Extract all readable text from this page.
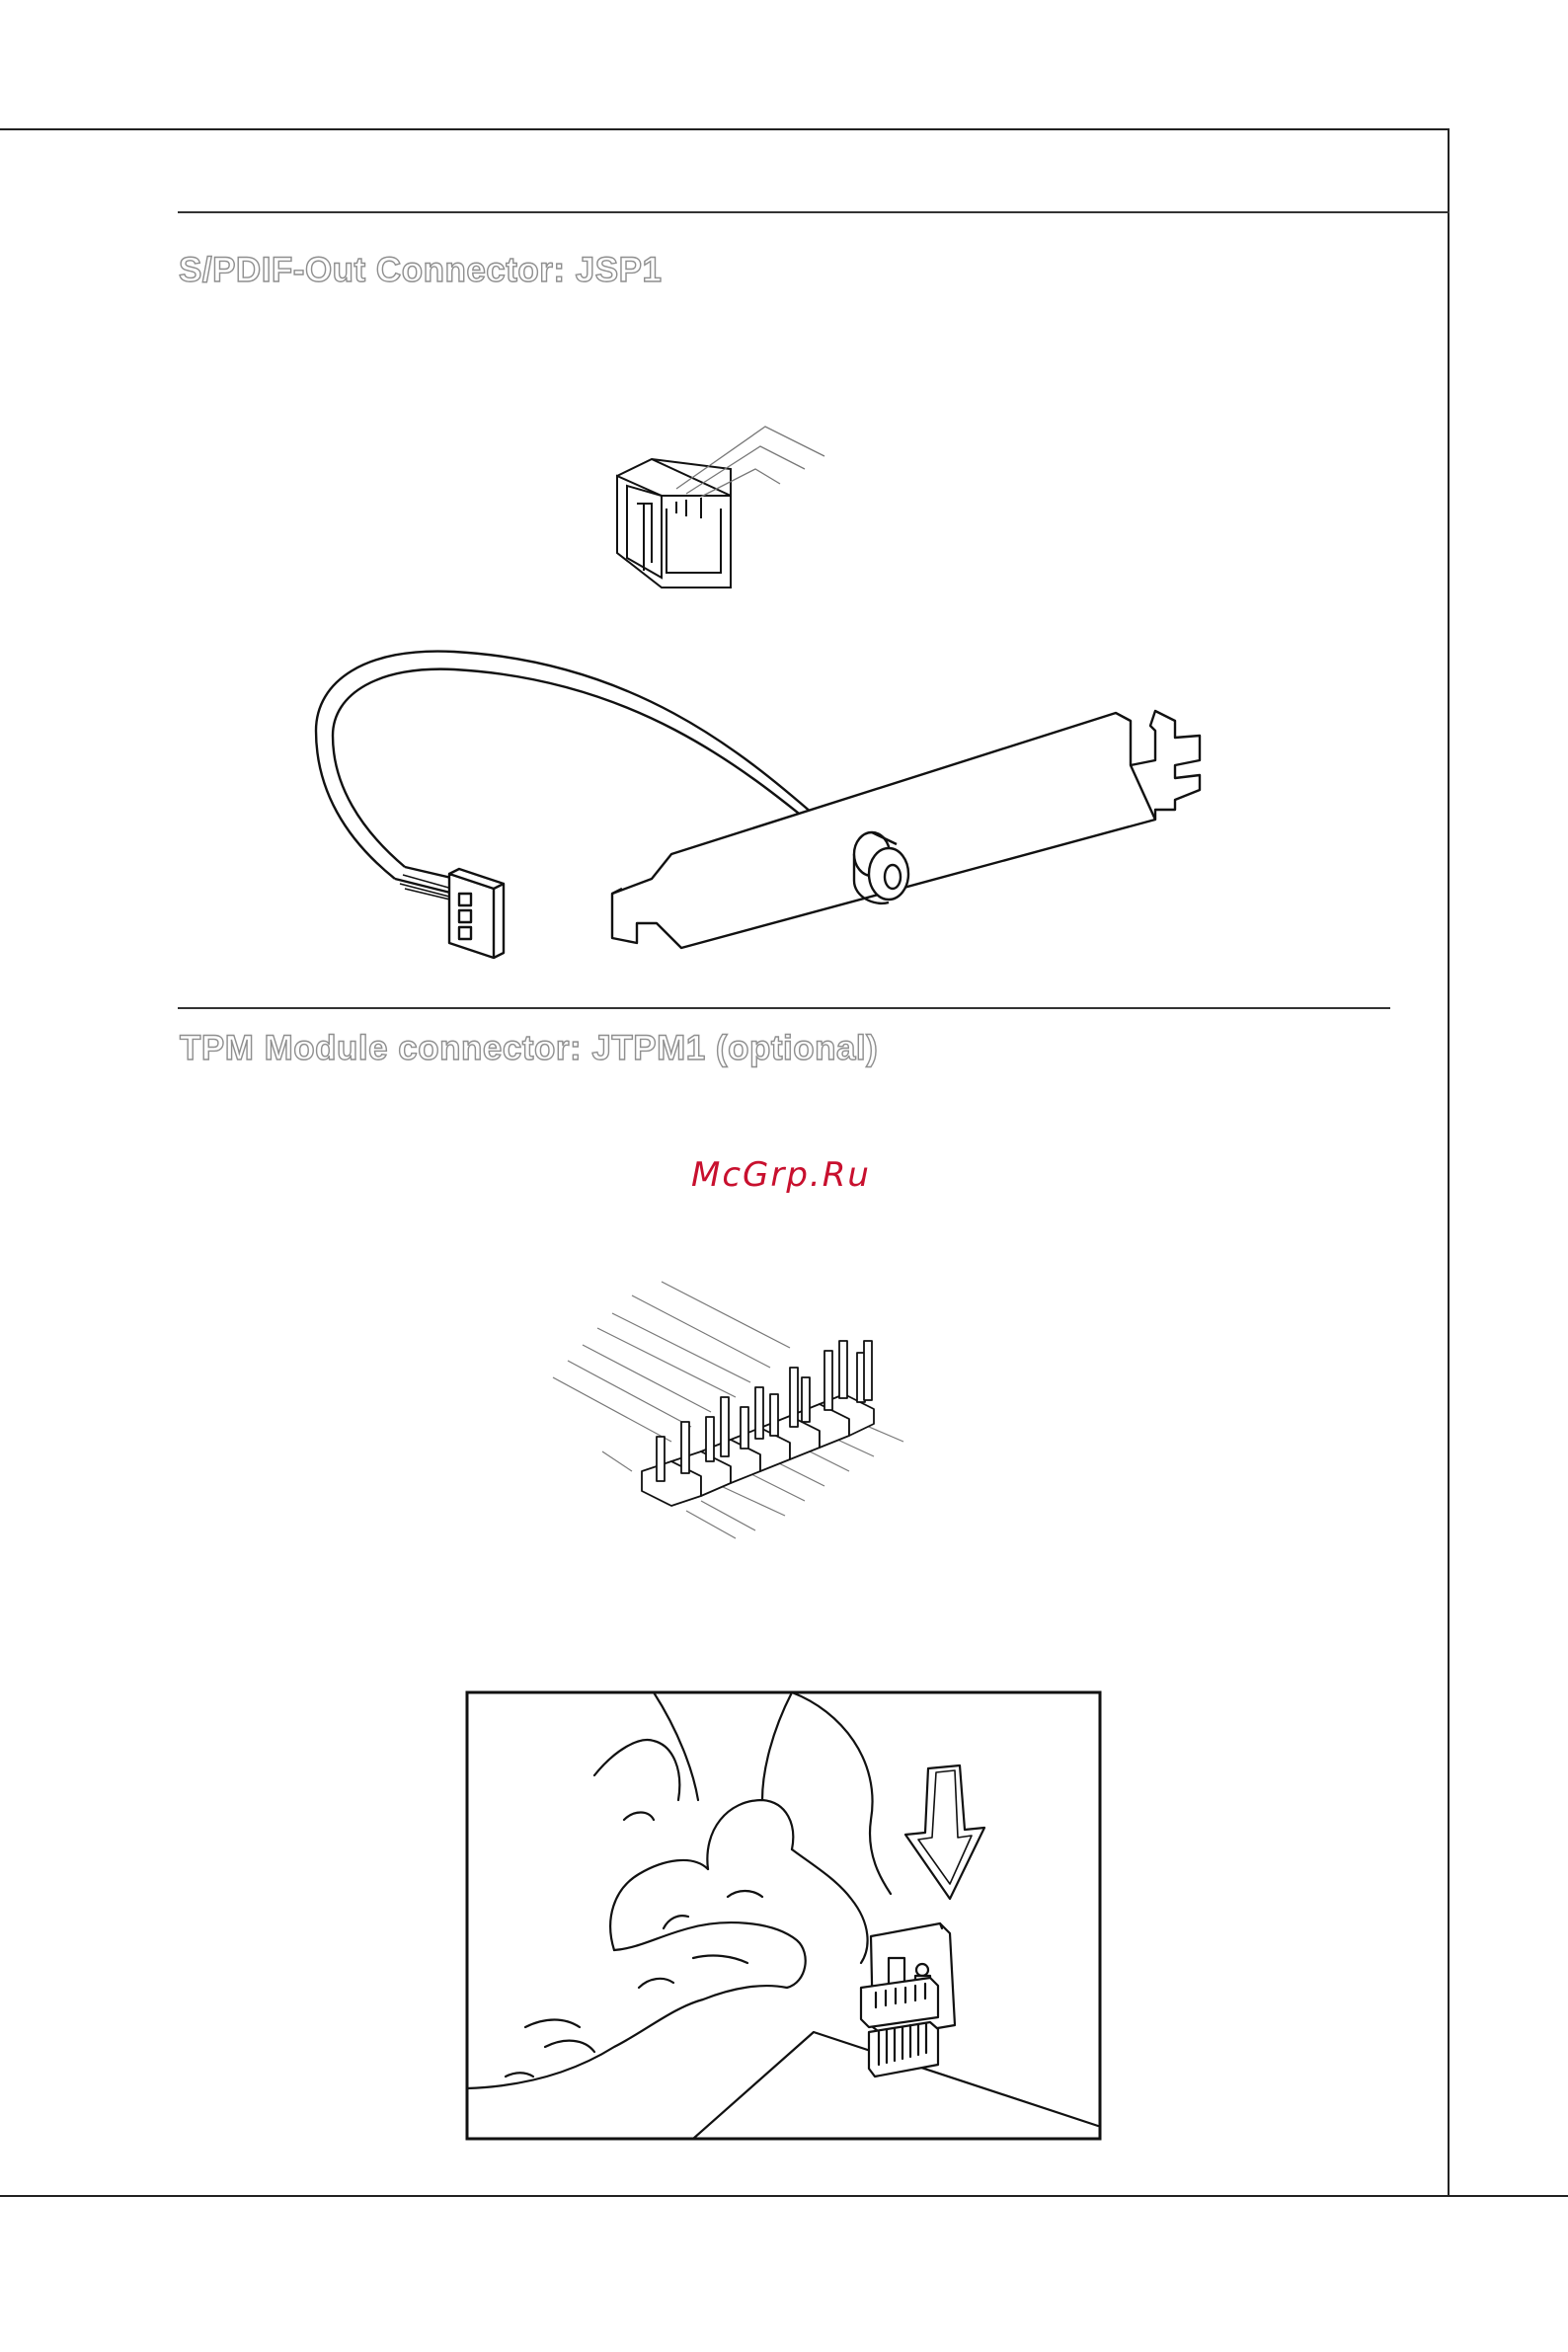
S/PDIF-Out Connector: JSP1
TPM Module connector: JTPM1 (optional)
McGrp.Ru
